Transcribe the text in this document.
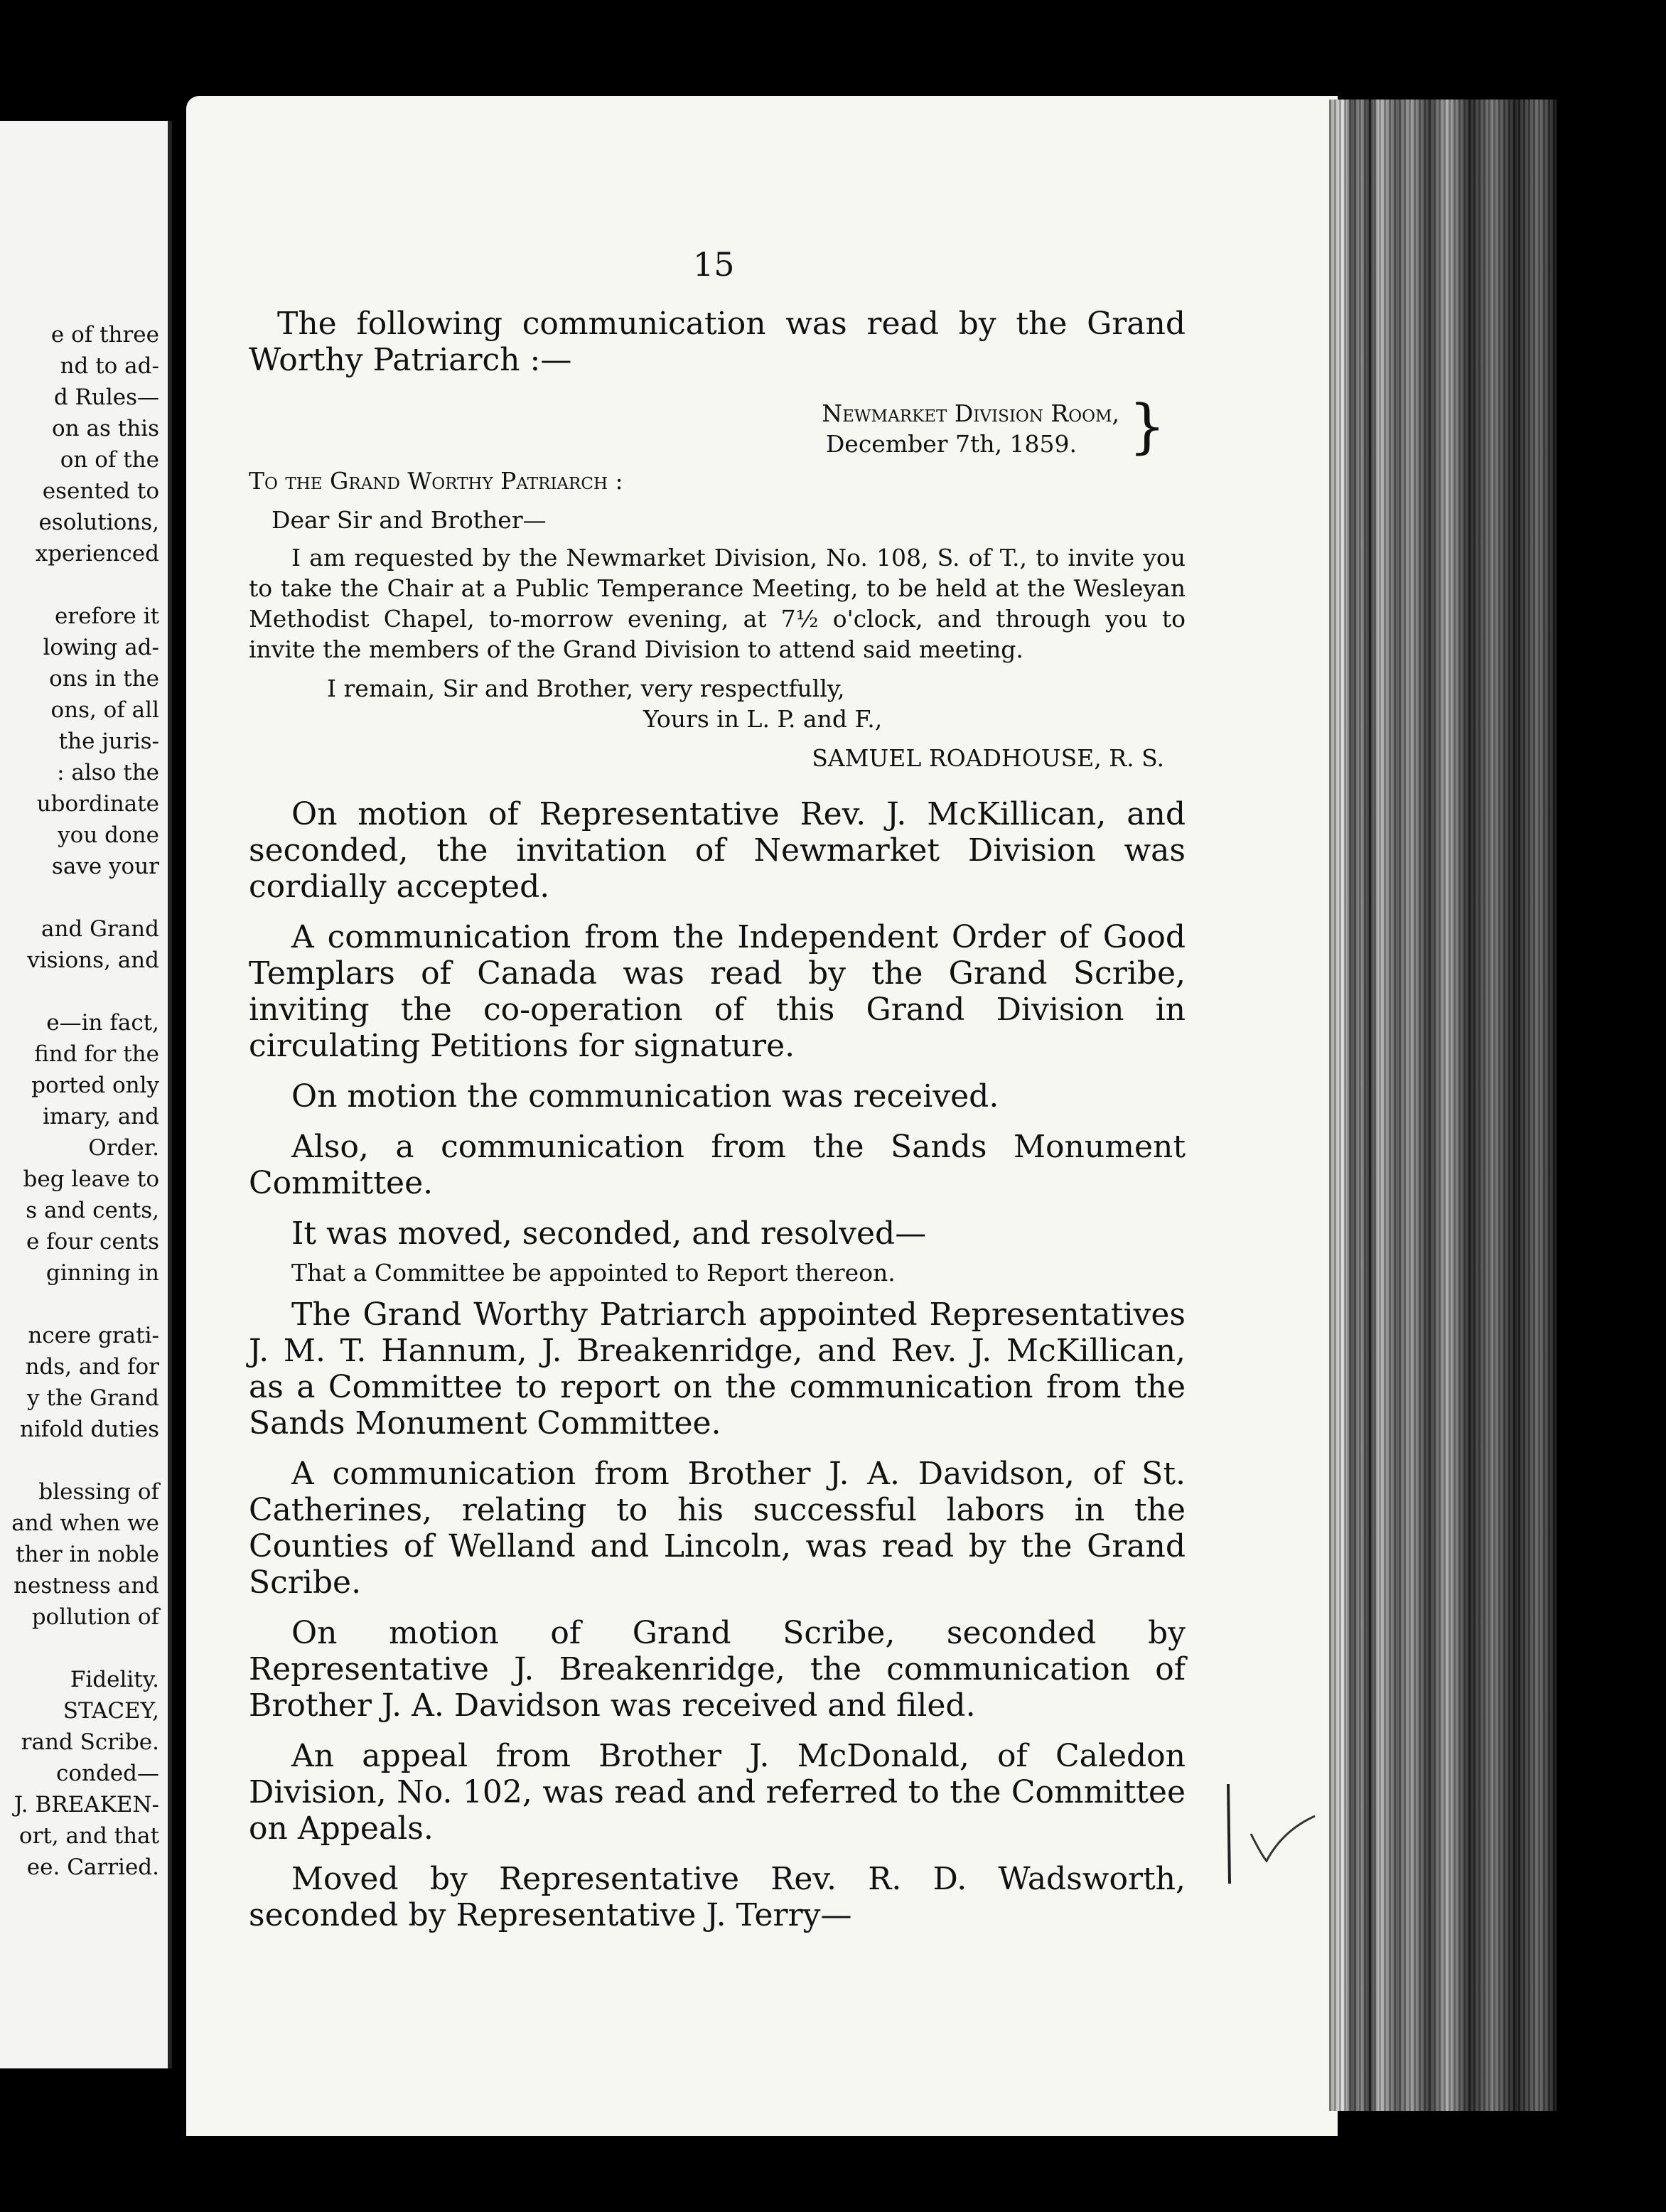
e of three
nd to ad-
d Rules—
on as this
on of the
esented to
esolutions,
xperienced
erefore it
lowing ad-
ons in the
ons, of all
the juris-
: also the
ubordinate
you done
save your
and Grand
visions, and
e—in fact,
find for the
ported only
imary, and
Order.
beg leave to
s and cents,
e four cents
ginning in
ncere grati-
nds, and for
y the Grand
nifold duties
blessing of
and when we
ther in noble
nestness and
pollution of
Fidelity.
STACEY,
rand Scribe.
conded—
J. BREAKEN-
ort, and that
ee. Carried.
15

The following communication was read by the Grand Worthy Patriarch :—

Newmarket Division Room,
December 7th, 1859. }
To the Grand Worthy Patriarch :
Dear Sir and Brother—

I am requested by the Newmarket Division, No. 108, S. of T., to invite you to take the Chair at a Public Temperance Meeting, to be held at the Wesleyan Methodist Chapel, to-morrow evening, at 7½ o'clock, and through you to invite the members of the Grand Division to attend said meeting.

I remain, Sir and Brother, very respectfully,
Yours in L. P. and F.,
SAMUEL ROADHOUSE, R. S.

On motion of Representative Rev. J. McKillican, and seconded, the invitation of Newmarket Division was cordially accepted.

A communication from the Independent Order of Good Templars of Canada was read by the Grand Scribe, inviting the co-operation of this Grand Division in circulating Petitions for signature.

On motion the communication was received.

Also, a communication from the Sands Monument Committee.

It was moved, seconded, and resolved—

That a Committee be appointed to Report thereon.

The Grand Worthy Patriarch appointed Representatives J. M. T. Hannum, J. Breakenridge, and Rev. J. McKillican, as a Committee to report on the communication from the Sands Monument Committee.

A communication from Brother J. A. Davidson, of St. Catherines, relating to his successful labors in the Counties of Welland and Lincoln, was read by the Grand Scribe.

On motion of Grand Scribe, seconded by Representative J. Breakenridge, the communication of Brother J. A. Davidson was received and filed.

An appeal from Brother J. McDonald, of Caledon Division, No. 102, was read and referred to the Committee on Appeals.

Moved by Representative Rev. R. D. Wadsworth, seconded by Representative J. Terry—
